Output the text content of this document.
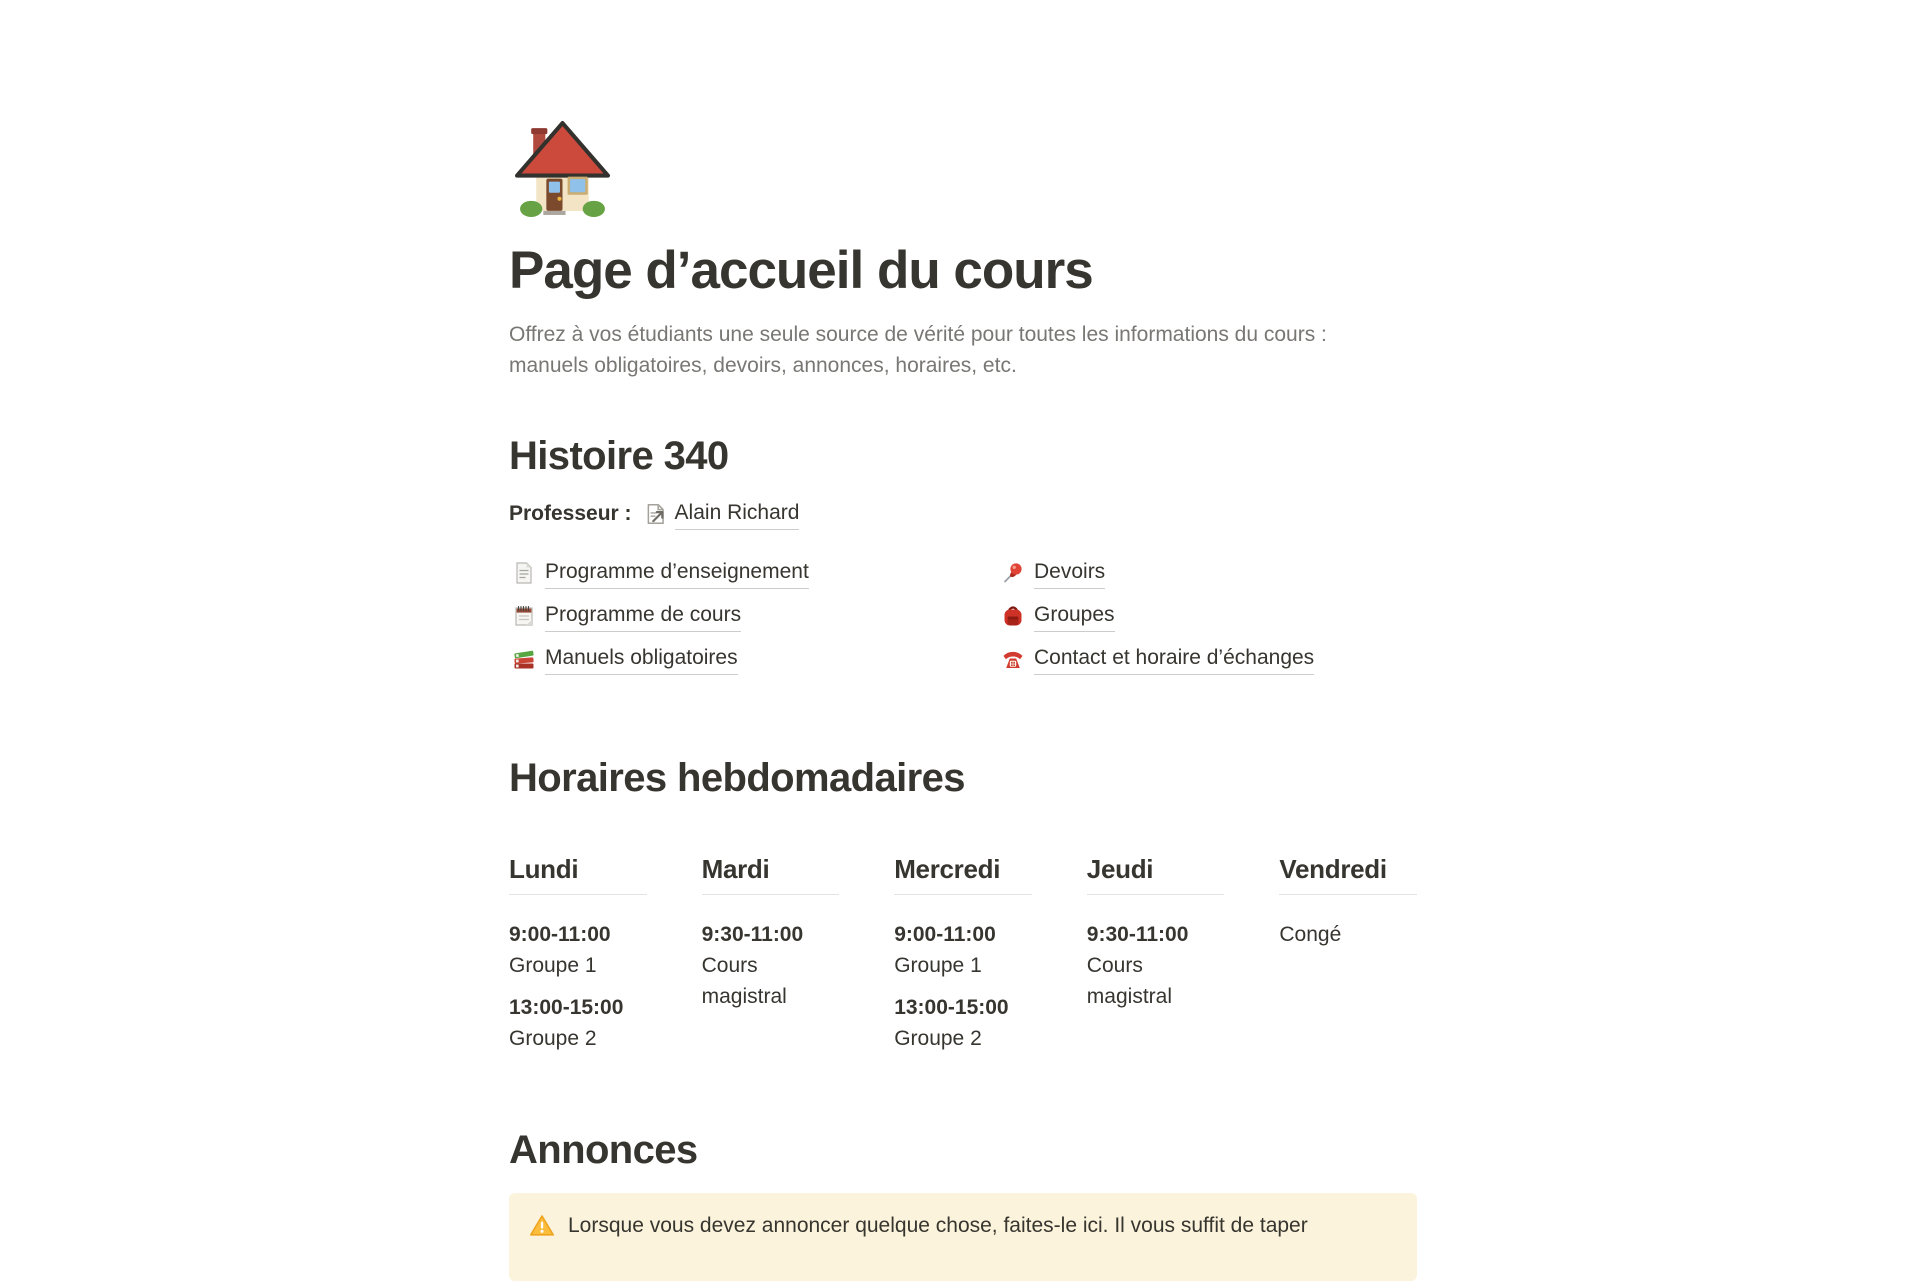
Page d’accueil du cours

Offrez à vos étudiants une seule source de vérité pour toutes les informations du cours : manuels obligatoires, devoirs, annonces, horaires, etc.

Histoire 340
Professeur : Alain Richard
Programme d’enseignement
Programme de cours
Manuels obligatoires
Devoirs
Groupes
Contact et horaire d’échanges
Horaires hebdomadaires
Lundi

9:00-11:00
Groupe 1

13:00-15:00
Groupe 2

Mardi

9:30-11:00
Cours magistral

Mercredi

9:00-11:00
Groupe 1

13:00-15:00
Groupe 2

Jeudi

9:30-11:00
Cours magistral

Vendredi

Congé

Annonces

Lorsque vous devez annoncer quelque chose, faites-le ici. Il vous suffit de taper
